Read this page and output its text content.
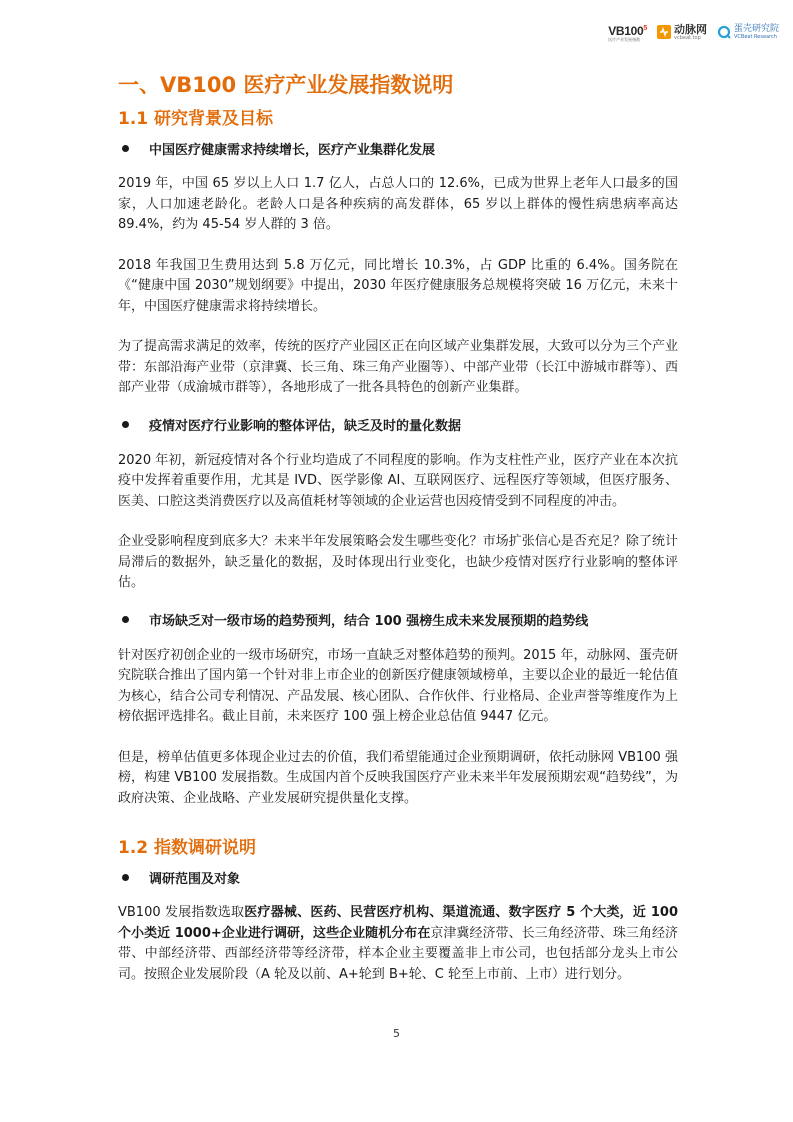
$VB100^5$
医疗产业发展指数
动脉网
vcbeat.top
蛋壳研究院
VCBeat Research
一、VB100 医疗产业发展指数说明
1.1 研究背景及目标
中国医疗健康需求持续增长，医疗产业集群化发展

2019 年，中国 65 岁以上人口 1.7 亿人，占总人口的 12.6%，已成为世界上老年人口最多的国家，人口加速老龄化。老龄人口是各种疾病的高发群体，65 岁以上群体的慢性病患病率高达 89.4%，约为 45-54 岁人群的 3 倍。

2018 年我国卫生费用达到 5.8 万亿元，同比增长 10.3%，占 GDP 比重的 6.4%。国务院在《“健康中国 2030”规划纲要》中提出，2030 年医疗健康服务总规模将突破 16 万亿元，未来十年，中国医疗健康需求将持续增长。

为了提高需求满足的效率，传统的医疗产业园区正在向区域产业集群发展，大致可以分为三个产业带：东部沿海产业带（京津冀、长三角、珠三角产业圈等）、中部产业带（长江中游城市群等）、西部产业带（成渝城市群等），各地形成了一批各具特色的创新产业集群。

疫情对医疗行业影响的整体评估，缺乏及时的量化数据

2020 年初，新冠疫情对各个行业均造成了不同程度的影响。作为支柱性产业，医疗产业在本次抗疫中发挥着重要作用，尤其是 IVD、医学影像 AI、互联网医疗、远程医疗等领域，但医疗服务、医美、口腔这类消费医疗以及高值耗材等领域的企业运营也因疫情受到不同程度的冲击。

企业受影响程度到底多大？未来半年发展策略会发生哪些变化？市场扩张信心是否充足？除了统计局滞后的数据外，缺乏量化的数据，及时体现出行业变化，也缺少疫情对医疗行业影响的整体评估。

市场缺乏对一级市场的趋势预判，结合 100 强榜生成未来发展预期的趋势线

针对医疗初创企业的一级市场研究，市场一直缺乏对整体趋势的预判。2015 年，动脉网、蛋壳研究院联合推出了国内第一个针对非上市企业的创新医疗健康领域榜单，主要以企业的最近一轮估值为核心，结合公司专利情况、产品发展、核心团队、合作伙伴、行业格局、企业声誉等维度作为上榜依据评选排名。截止目前，未来医疗 100 强上榜企业总估值 9447 亿元。

但是，榜单估值更多体现企业过去的价值，我们希望能通过企业预期调研，依托动脉网 VB100 强榜，构建 VB100 发展指数。生成国内首个反映我国医疗产业未来半年发展预期宏观“趋势线”，为政府决策、企业战略、产业发展研究提供量化支撑。

1.2 指数调研说明
调研范围及对象

VB100 发展指数选取医疗器械、医药、民营医疗机构、渠道流通、数字医疗 5 个大类，近 100 个小类近 1000+企业进行调研，这些企业随机分布在京津冀经济带、长三角经济带、珠三角经济带、中部经济带、西部经济带等经济带，样本企业主要覆盖非上市公司，也包括部分龙头上市公司。按照企业发展阶段（A 轮及以前、A+轮到 B+轮、C 轮至上市前、上市）进行划分。

5
